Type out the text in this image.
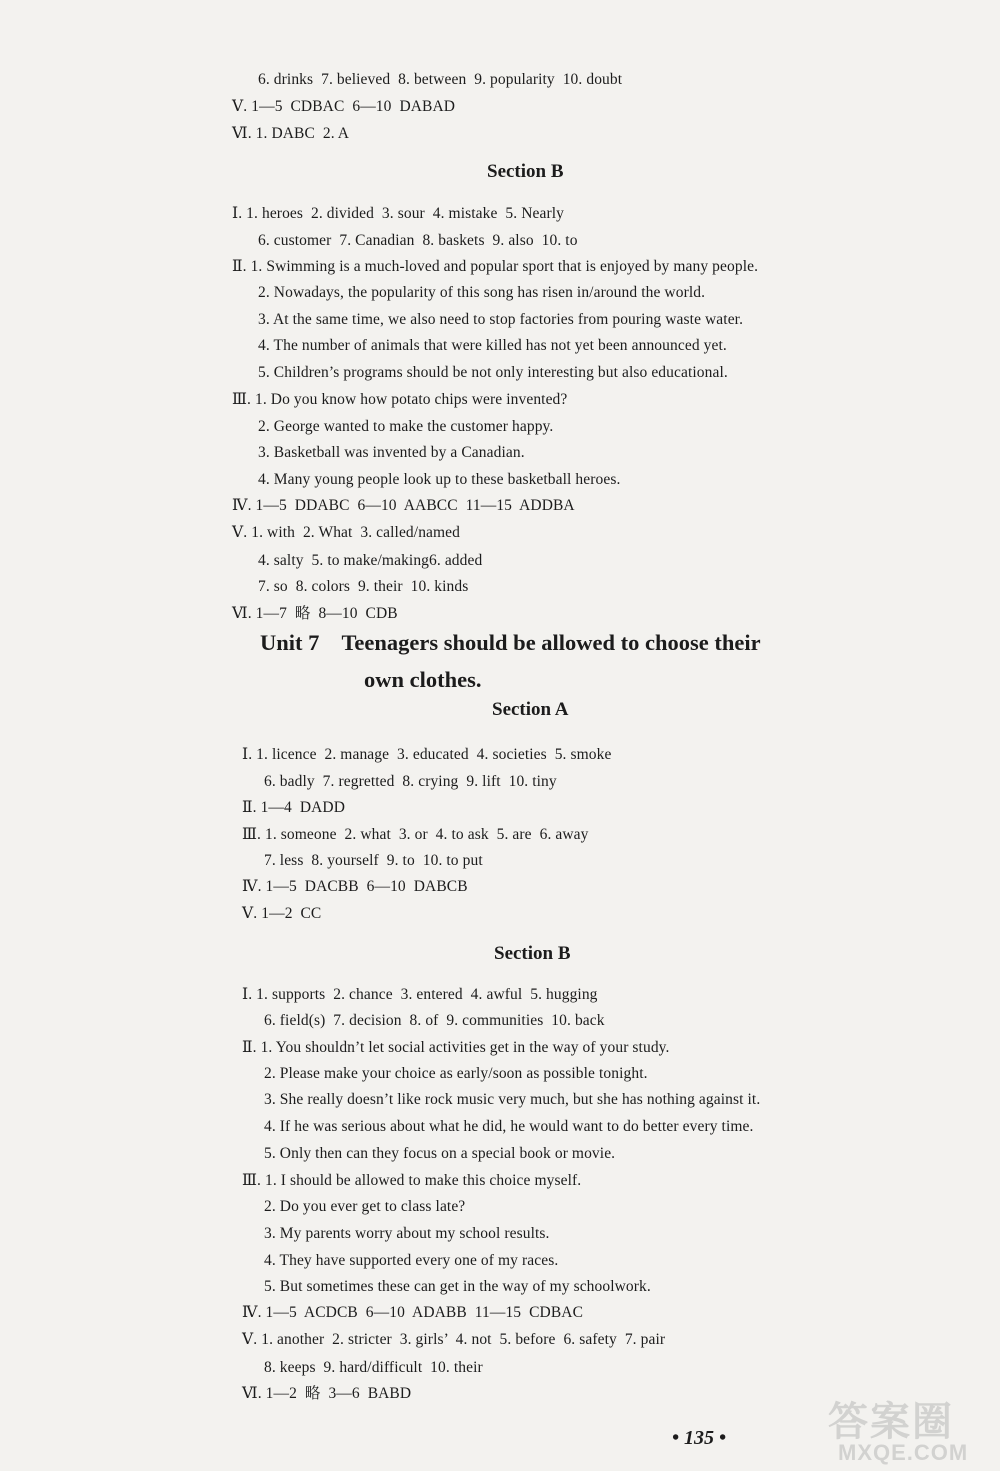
6. drinks  7. believed  8. between  9. popularity  10. doubt
Ⅴ. 1—5  CDBAC  6—10  DABAD
Ⅵ. 1. DABC  2. A
Section B
Ⅰ. 1. heroes  2. divided  3. sour  4. mistake  5. Nearly
6. customer  7. Canadian  8. baskets  9. also  10. to
Ⅱ. 1. Swimming is a much-loved and popular sport that is enjoyed by many people.
2. Nowadays, the popularity of this song has risen in/around the world.
3. At the same time, we also need to stop factories from pouring waste water.
4. The number of animals that were killed has not yet been announced yet.
5. Children’s programs should be not only interesting but also educational.
Ⅲ. 1. Do you know how potato chips were invented?
2. George wanted to make the customer happy.
3. Basketball was invented by a Canadian.
4. Many young people look up to these basketball heroes.
Ⅳ. 1—5  DDABC  6—10  AABCC  11—15  ADDBA
Ⅴ. 1. with  2. What  3. called/named
4. salty  5. to make/making6. added
7. so  8. colors  9. their  10. kinds
Ⅵ. 1—7  略  8—10  CDB
Unit 7    Teenagers should be allowed to choose their
own clothes.
Section A
Ⅰ. 1. licence  2. manage  3. educated  4. societies  5. smoke
6. badly  7. regretted  8. crying  9. lift  10. tiny
Ⅱ. 1—4  DADD
Ⅲ. 1. someone  2. what  3. or  4. to ask  5. are  6. away
7. less  8. yourself  9. to  10. to put
Ⅳ. 1—5  DACBB  6—10  DABCB
Ⅴ. 1—2  CC
Section B
Ⅰ. 1. supports  2. chance  3. entered  4. awful  5. hugging
6. field(s)  7. decision  8. of  9. communities  10. back
Ⅱ. 1. You shouldn’t let social activities get in the way of your study.
2. Please make your choice as early/soon as possible tonight.
3. She really doesn’t like rock music very much, but she has nothing against it.
4. If he was serious about what he did, he would want to do better every time.
5. Only then can they focus on a special book or movie.
Ⅲ. 1. I should be allowed to make this choice myself.
2. Do you ever get to class late?
3. My parents worry about my school results.
4. They have supported every one of my races.
5. But sometimes these can get in the way of my schoolwork.
Ⅳ. 1—5  ACDCB  6—10  ADABB  11—15  CDBAC
Ⅴ. 1. another  2. stricter  3. girls’  4. not  5. before  6. safety  7. pair
8. keeps  9. hard/difficult  10. their
Ⅵ. 1—2  略  3—6  BABD
• 135 •	答案圈
MXQE.COM
